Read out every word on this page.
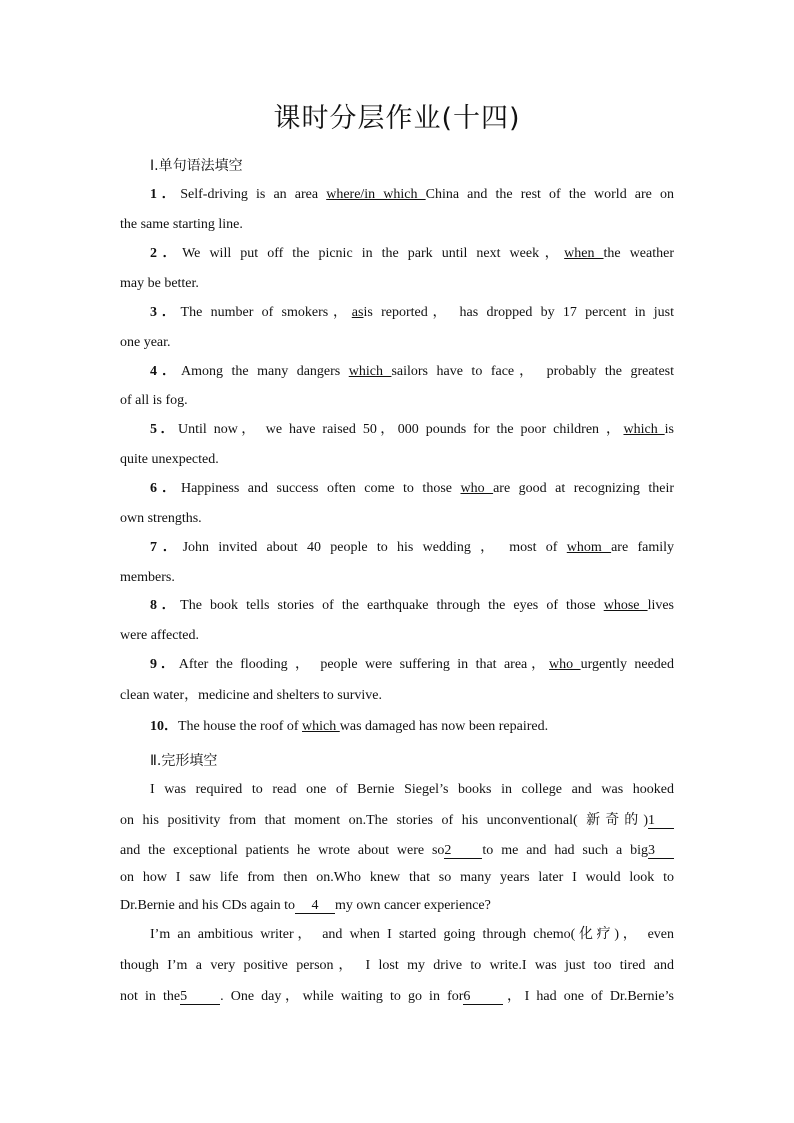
课时分层作业(十四)
Ⅰ.单句语法填空
1．Self-driving is an area where/in which China and the rest of the world are on
the same starting line.
2．We will put off the picnic in the park until next week，when the weather
may be better.
3．The number of smokers，asis reported， has dropped by 17 percent in just
one year.
4．Among the many dangers which sailors have to face， probably the greatest
of all is fog.
5．Until now， we have raised 50，000 pounds for the poor children ，which is
quite unexpected.
6．Happiness and success often come to those who are good at recognizing their
own strengths.
7．John invited about 40 people to his wedding ， most of whom are family
members.
8．The book tells stories of the earthquake through the eyes of those whose lives
were affected.
9．After the flooding ， people were suffering in that area，who urgently needed
clean water，medicine and shelters to survive.
10．The house the roof of which was damaged has now been repaired.
Ⅱ.完形填空
I was required to read one of Bernie Siegel’s books in college and was hooked
on his positivity from that moment on.The stories of his unconventional( 新奇的)1
and the exceptional patients he wrote about were so2 to me and had such a big3
on how I saw life from then on.Who knew that so many years later I would look to
Dr.Bernie and his CDs again to 4 my own cancer experience?
I’m an ambitious writer， and when I started going through chemo(化疗)， even
though I’m a very positive person， I lost my drive to write.I was just too tired and
not in the5 . One day，while waiting to go in for6 ，I had one of Dr.Bernie’s
